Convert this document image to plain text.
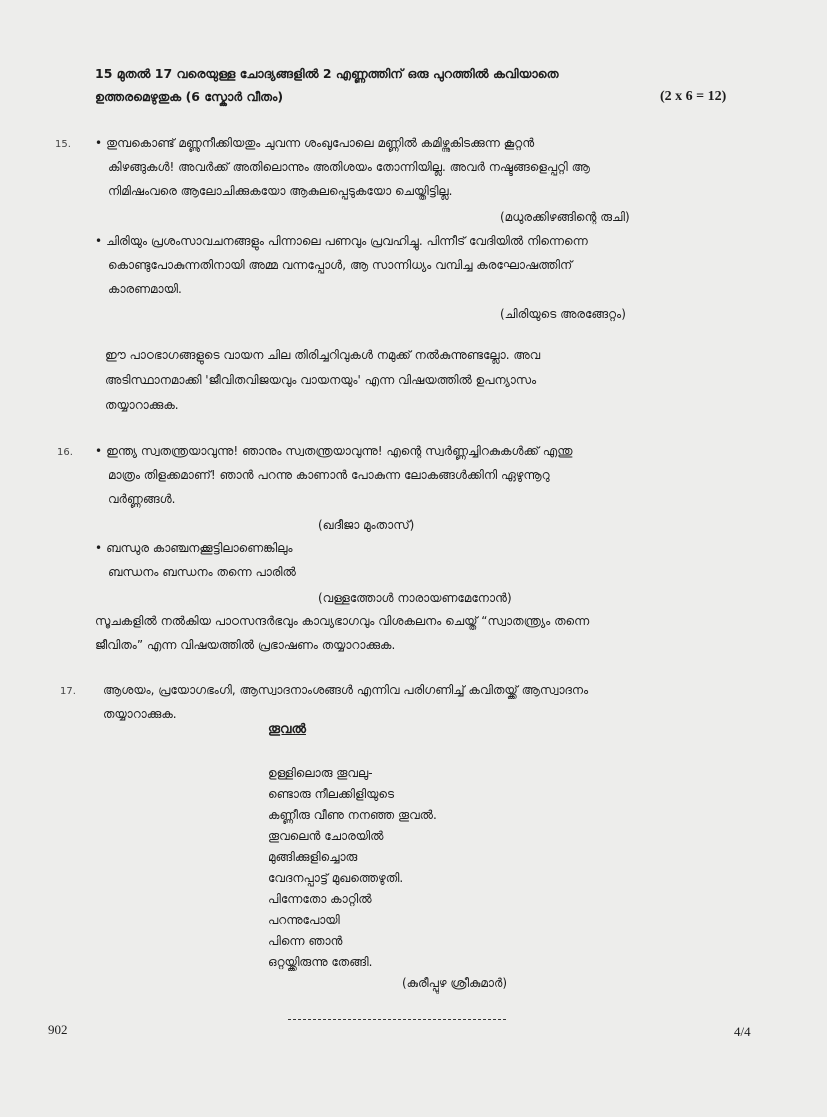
15 മുതൽ 17 വരെയുള്ള ചോദ്യങ്ങളിൽ 2 എണ്ണത്തിന് ഒരു പുറത്തിൽ കവിയാതെ
ഉത്തരമെഴുതുക (6 സ്കോർ വീതം)	(2 x 6 = 12)
15. • തുമ്പകൊണ്ട് മണ്ണുനീക്കിയതും ചുവന്ന ശംഖുപോലെ മണ്ണിൽ കമിഴ്ന്നുകിടക്കുന്ന കൂറ്റൻ
കിഴങ്ങുകൾ! അവർക്ക് അതിലൊന്നും അതിശയം തോന്നിയില്ല. അവർ നഷ്ടങ്ങളെപ്പറ്റി ആ
നിമിഷംവരെ ആലോചിക്കുകയോ ആകുലപ്പെടുകയോ ചെയ്തിട്ടില്ല.
(മധുരക്കിഴങ്ങിന്റെ രുചി)
• ചിരിയും പ്രശംസാവചനങ്ങളും പിന്നാലെ പണവും പ്രവഹിച്ചു. പിന്നീട് വേദിയിൽ നിന്നെന്നെ
കൊണ്ടുപോകുന്നതിനായി അമ്മ വന്നപ്പോൾ, ആ സാന്നിധ്യം വമ്പിച്ച കരഘോഷത്തിന്
കാരണമായി.
(ചിരിയുടെ അരങ്ങേറ്റം)
ഈ പാഠഭാഗങ്ങളുടെ വായന ചില തിരിച്ചറിവുകൾ നമുക്ക് നൽകുന്നുണ്ടല്ലോ. അവ
അടിസ്ഥാനമാക്കി 'ജീവിതവിജയവും വായനയും' എന്ന വിഷയത്തിൽ ഉപന്യാസം
തയ്യാറാക്കുക.
16. • ഇന്ത്യ സ്വതന്ത്രയാവുന്നു! ഞാനും സ്വതന്ത്രയാവുന്നു! എന്റെ സ്വർണ്ണച്ചിറകുകൾക്ക് എന്തു
മാത്രം തിളക്കമാണ്! ഞാൻ പറന്നു കാണാൻ പോകുന്ന ലോകങ്ങൾക്കിനി ഏഴുന്നൂറു
വർണ്ണങ്ങൾ.
(ഖദീജാ മുംതാസ്)
• ബന്ധുര കാഞ്ചനക്കൂട്ടിലാണെങ്കിലും
ബന്ധനം ബന്ധനം തന്നെ പാരിൽ
(വള്ളത്തോൾ നാരായണമേനോൻ)
സൂചകളിൽ നൽകിയ പാഠസന്ദർഭവും കാവ്യഭാഗവും വിശകലനം ചെയ്ത് “സ്വാതന്ത്ര്യം തന്നെ
ജീവിതം” എന്ന വിഷയത്തിൽ പ്രഭാഷണം തയ്യാറാക്കുക.
17. ആശയം, പ്രയോഗഭംഗി, ആസ്വാദനാംശങ്ങൾ എന്നിവ പരിഗണിച്ച് കവിതയ്ക്ക് ആസ്വാദനം
തയ്യാറാക്കുക.
തൂവൽ
ഉള്ളിലൊരു തൂവലു-
ണ്ടൊരു നീലക്കിളിയുടെ
കണ്ണീരു വീണു നനഞ്ഞ തൂവൽ.
തൂവലെൻ ചോരയിൽ
മുങ്ങിക്കുളിച്ചൊരു
വേദനപ്പാട്ട് മുഖത്തെഴുതി.
പിന്നേതോ കാറ്റിൽ
പറന്നുപോയി
പിന്നെ ഞാൻ
ഒറ്റയ്ക്കിരുന്നു തേങ്ങി.
(കുരീപ്പുഴ ശ്രീകുമാർ)
902	4/4
